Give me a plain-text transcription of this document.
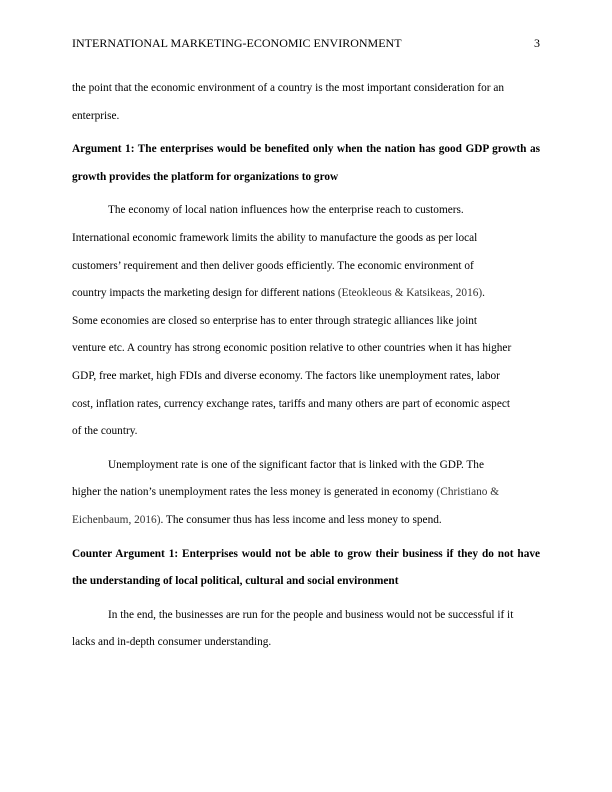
INTERNATIONAL MARKETING-ECONOMIC ENVIRONMENT	3

the point that the economic environment of a country is the most important consideration for an enterprise.

Argument 1: The enterprises would be benefited only when the nation has good GDP growth as growth provides the platform for organizations to grow

The economy of local nation influences how the enterprise reach to customers.

International economic framework limits the ability to manufacture the goods as per local

customers’ requirement and then deliver goods efficiently. The economic environment of

country impacts the marketing design for different nations (Eteokleous & Katsikeas, 2016).

Some economies are closed so enterprise has to enter through strategic alliances like joint

venture etc. A country has strong economic position relative to other countries when it has higher

GDP, free market, high FDIs and diverse economy. The factors like unemployment rates, labor

cost, inflation rates, currency exchange rates, tariffs and many others are part of economic aspect

of the country.

Unemployment rate is one of the significant factor that is linked with the GDP. The

higher the nation’s unemployment rates the less money is generated in economy (Christiano &

Eichenbaum, 2016). The consumer thus has less income and less money to spend.

Counter Argument 1: Enterprises would not be able to grow their business if they do not have the understanding of local political, cultural and social environment

In the end, the businesses are run for the people and business would not be successful if it

lacks and in-depth consumer understanding.
